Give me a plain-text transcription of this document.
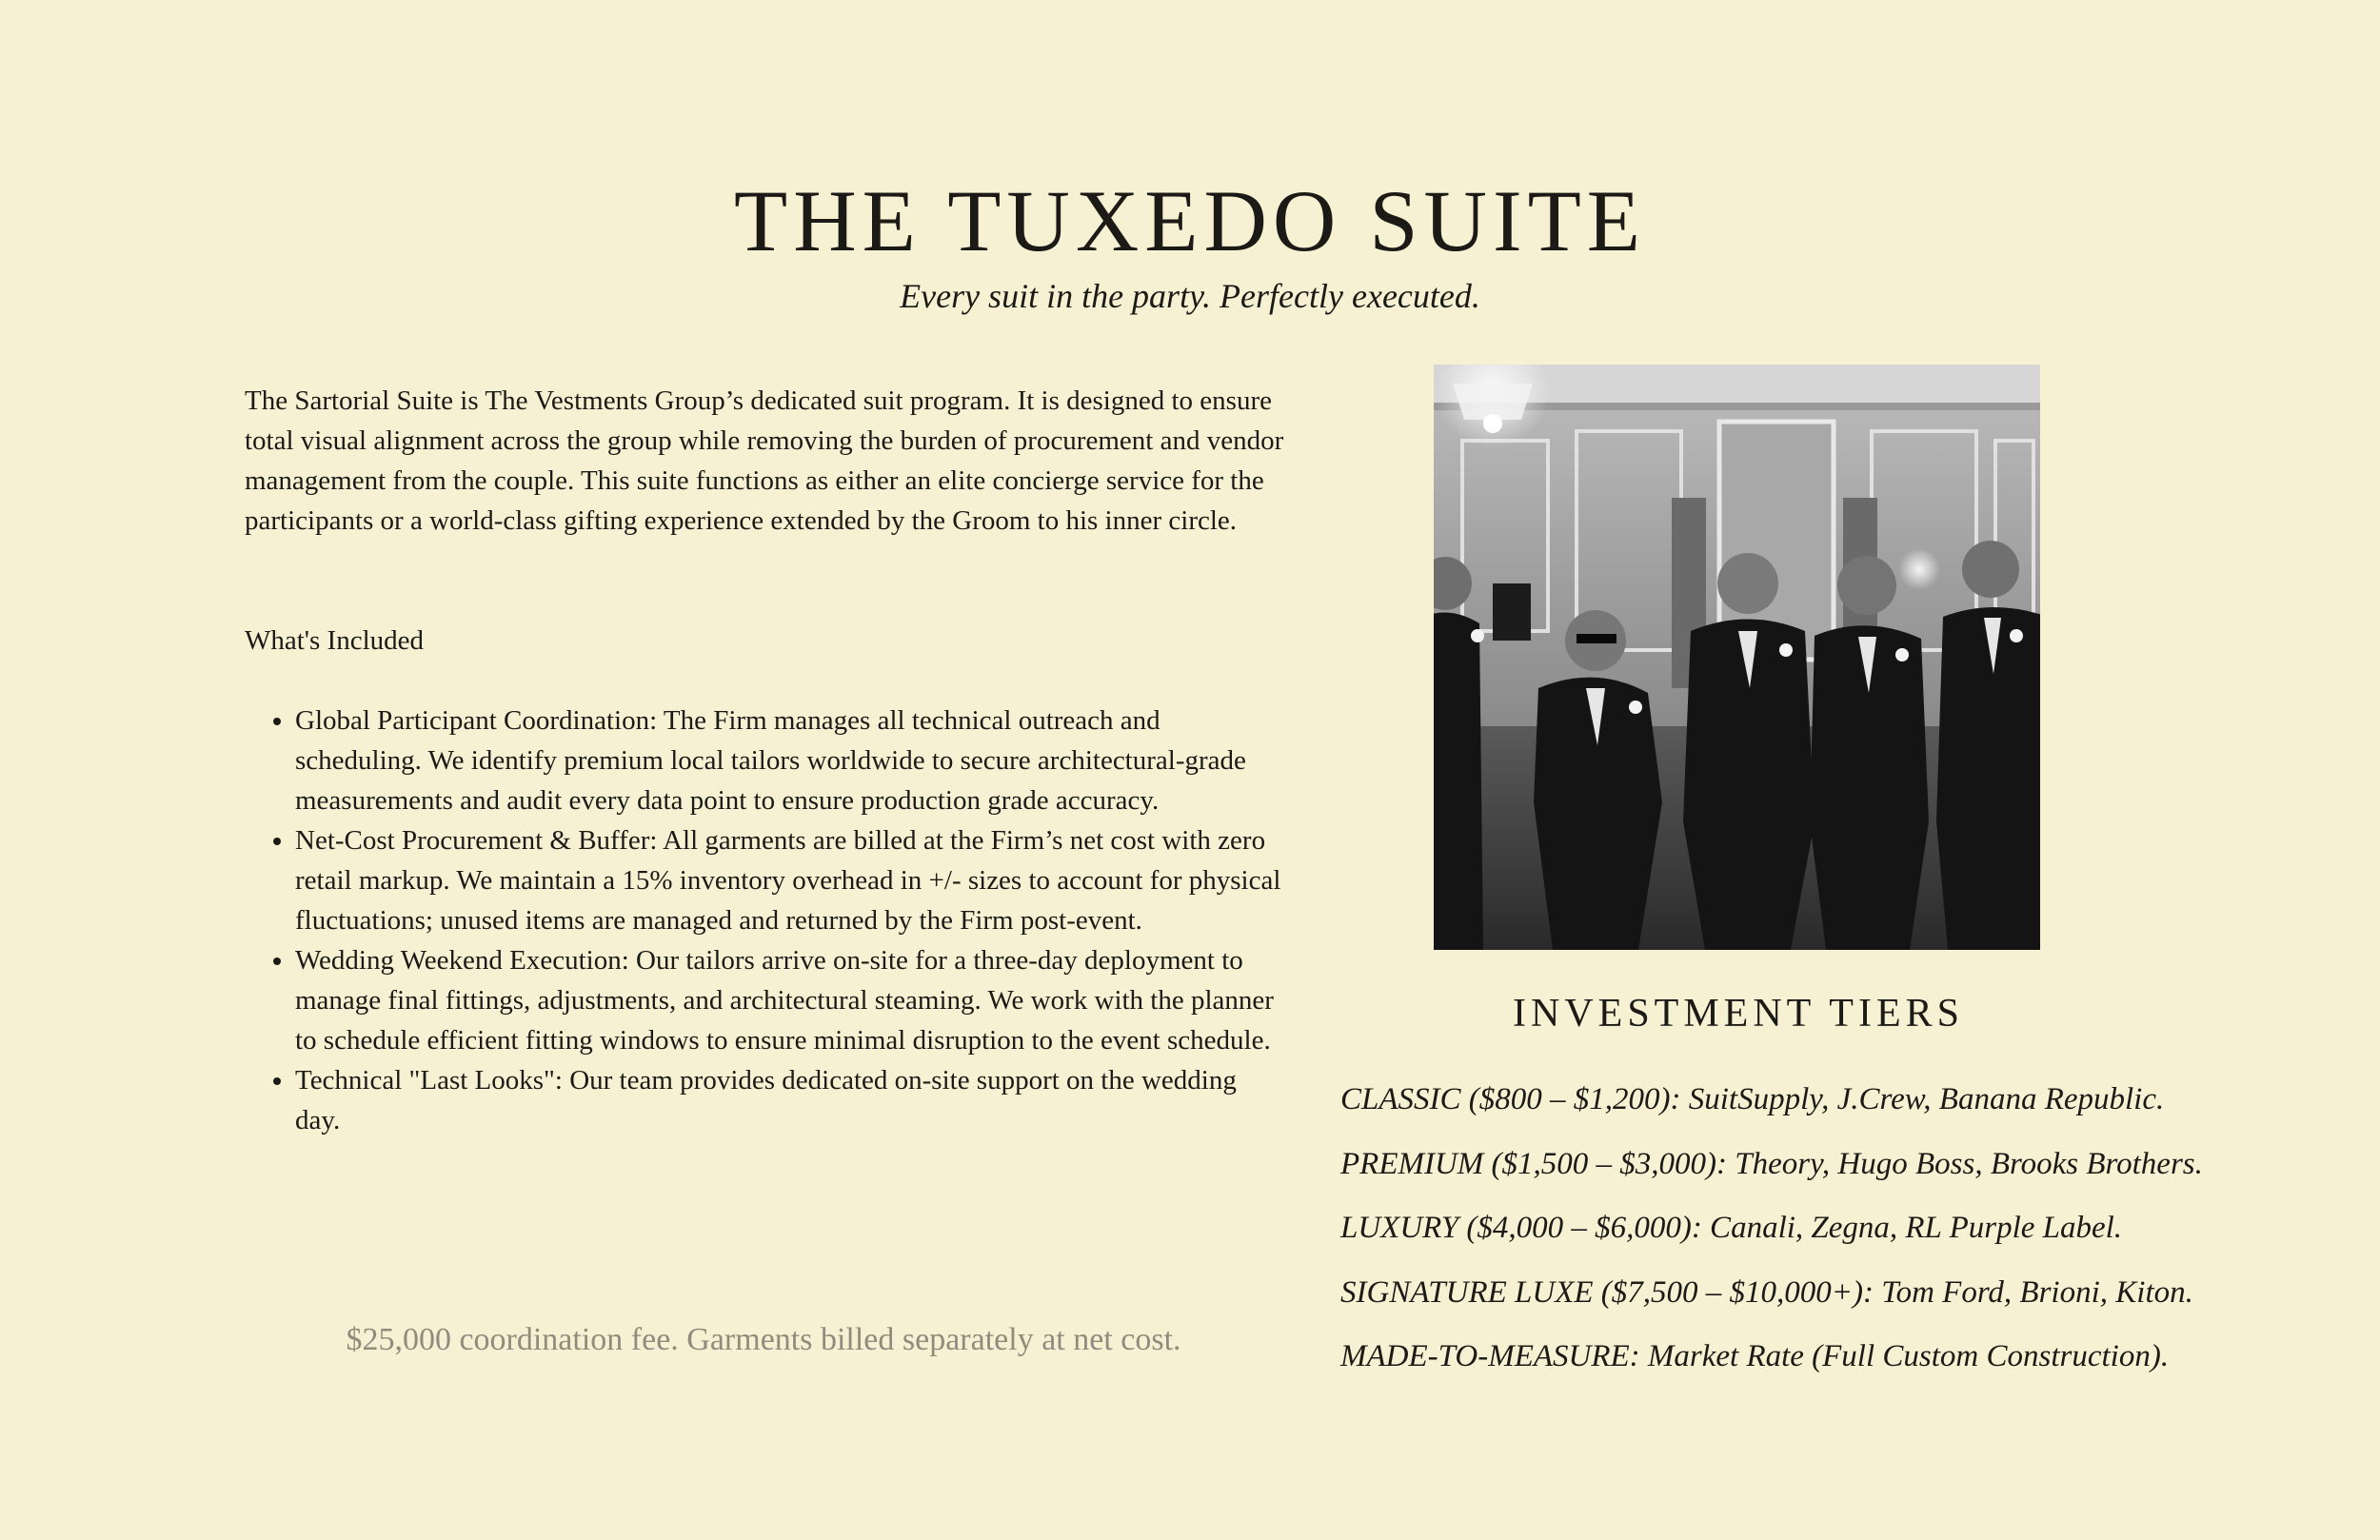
THE TUXEDO SUITE

Every suit in the party. Perfectly executed.

The Sartorial Suite is The Vestments Group’s dedicated suit program. It is designed to ensure total visual alignment across the group while removing the burden of procurement and vendor management from the couple. This suite functions as either an elite concierge service for the participants or a world-class gifting experience extended by the Groom to his inner circle.

What's Included

• Global Participant Coordination: The Firm manages all technical outreach and scheduling. We identify premium local tailors worldwide to secure architectural-grade measurements and audit every data point to ensure production grade accuracy.
• Net-Cost Procurement & Buffer: All garments are billed at the Firm’s net cost with zero retail markup. We maintain a 15% inventory overhead in +/- sizes to account for physical fluctuations; unused items are managed and returned by the Firm post-event.
• Wedding Weekend Execution: Our tailors arrive on-site for a three-day deployment to manage final fittings, adjustments, and architectural steaming. We work with the planner to schedule efficient fitting windows to ensure minimal disruption to the event schedule.
• Technical "Last Looks": Our team provides dedicated on-site support on the wedding day.

$25,000 coordination fee. Garments billed separately at net cost.

INVESTMENT TIERS
CLASSIC ($800 – $1,200): SuitSupply, J.Crew, Banana Republic.
PREMIUM ($1,500 – $3,000): Theory, Hugo Boss, Brooks Brothers.
LUXURY ($4,000 – $6,000): Canali, Zegna, RL Purple Label.
SIGNATURE LUXE ($7,500 – $10,000+): Tom Ford, Brioni, Kiton.
MADE-TO-MEASURE: Market Rate (Full Custom Construction).
